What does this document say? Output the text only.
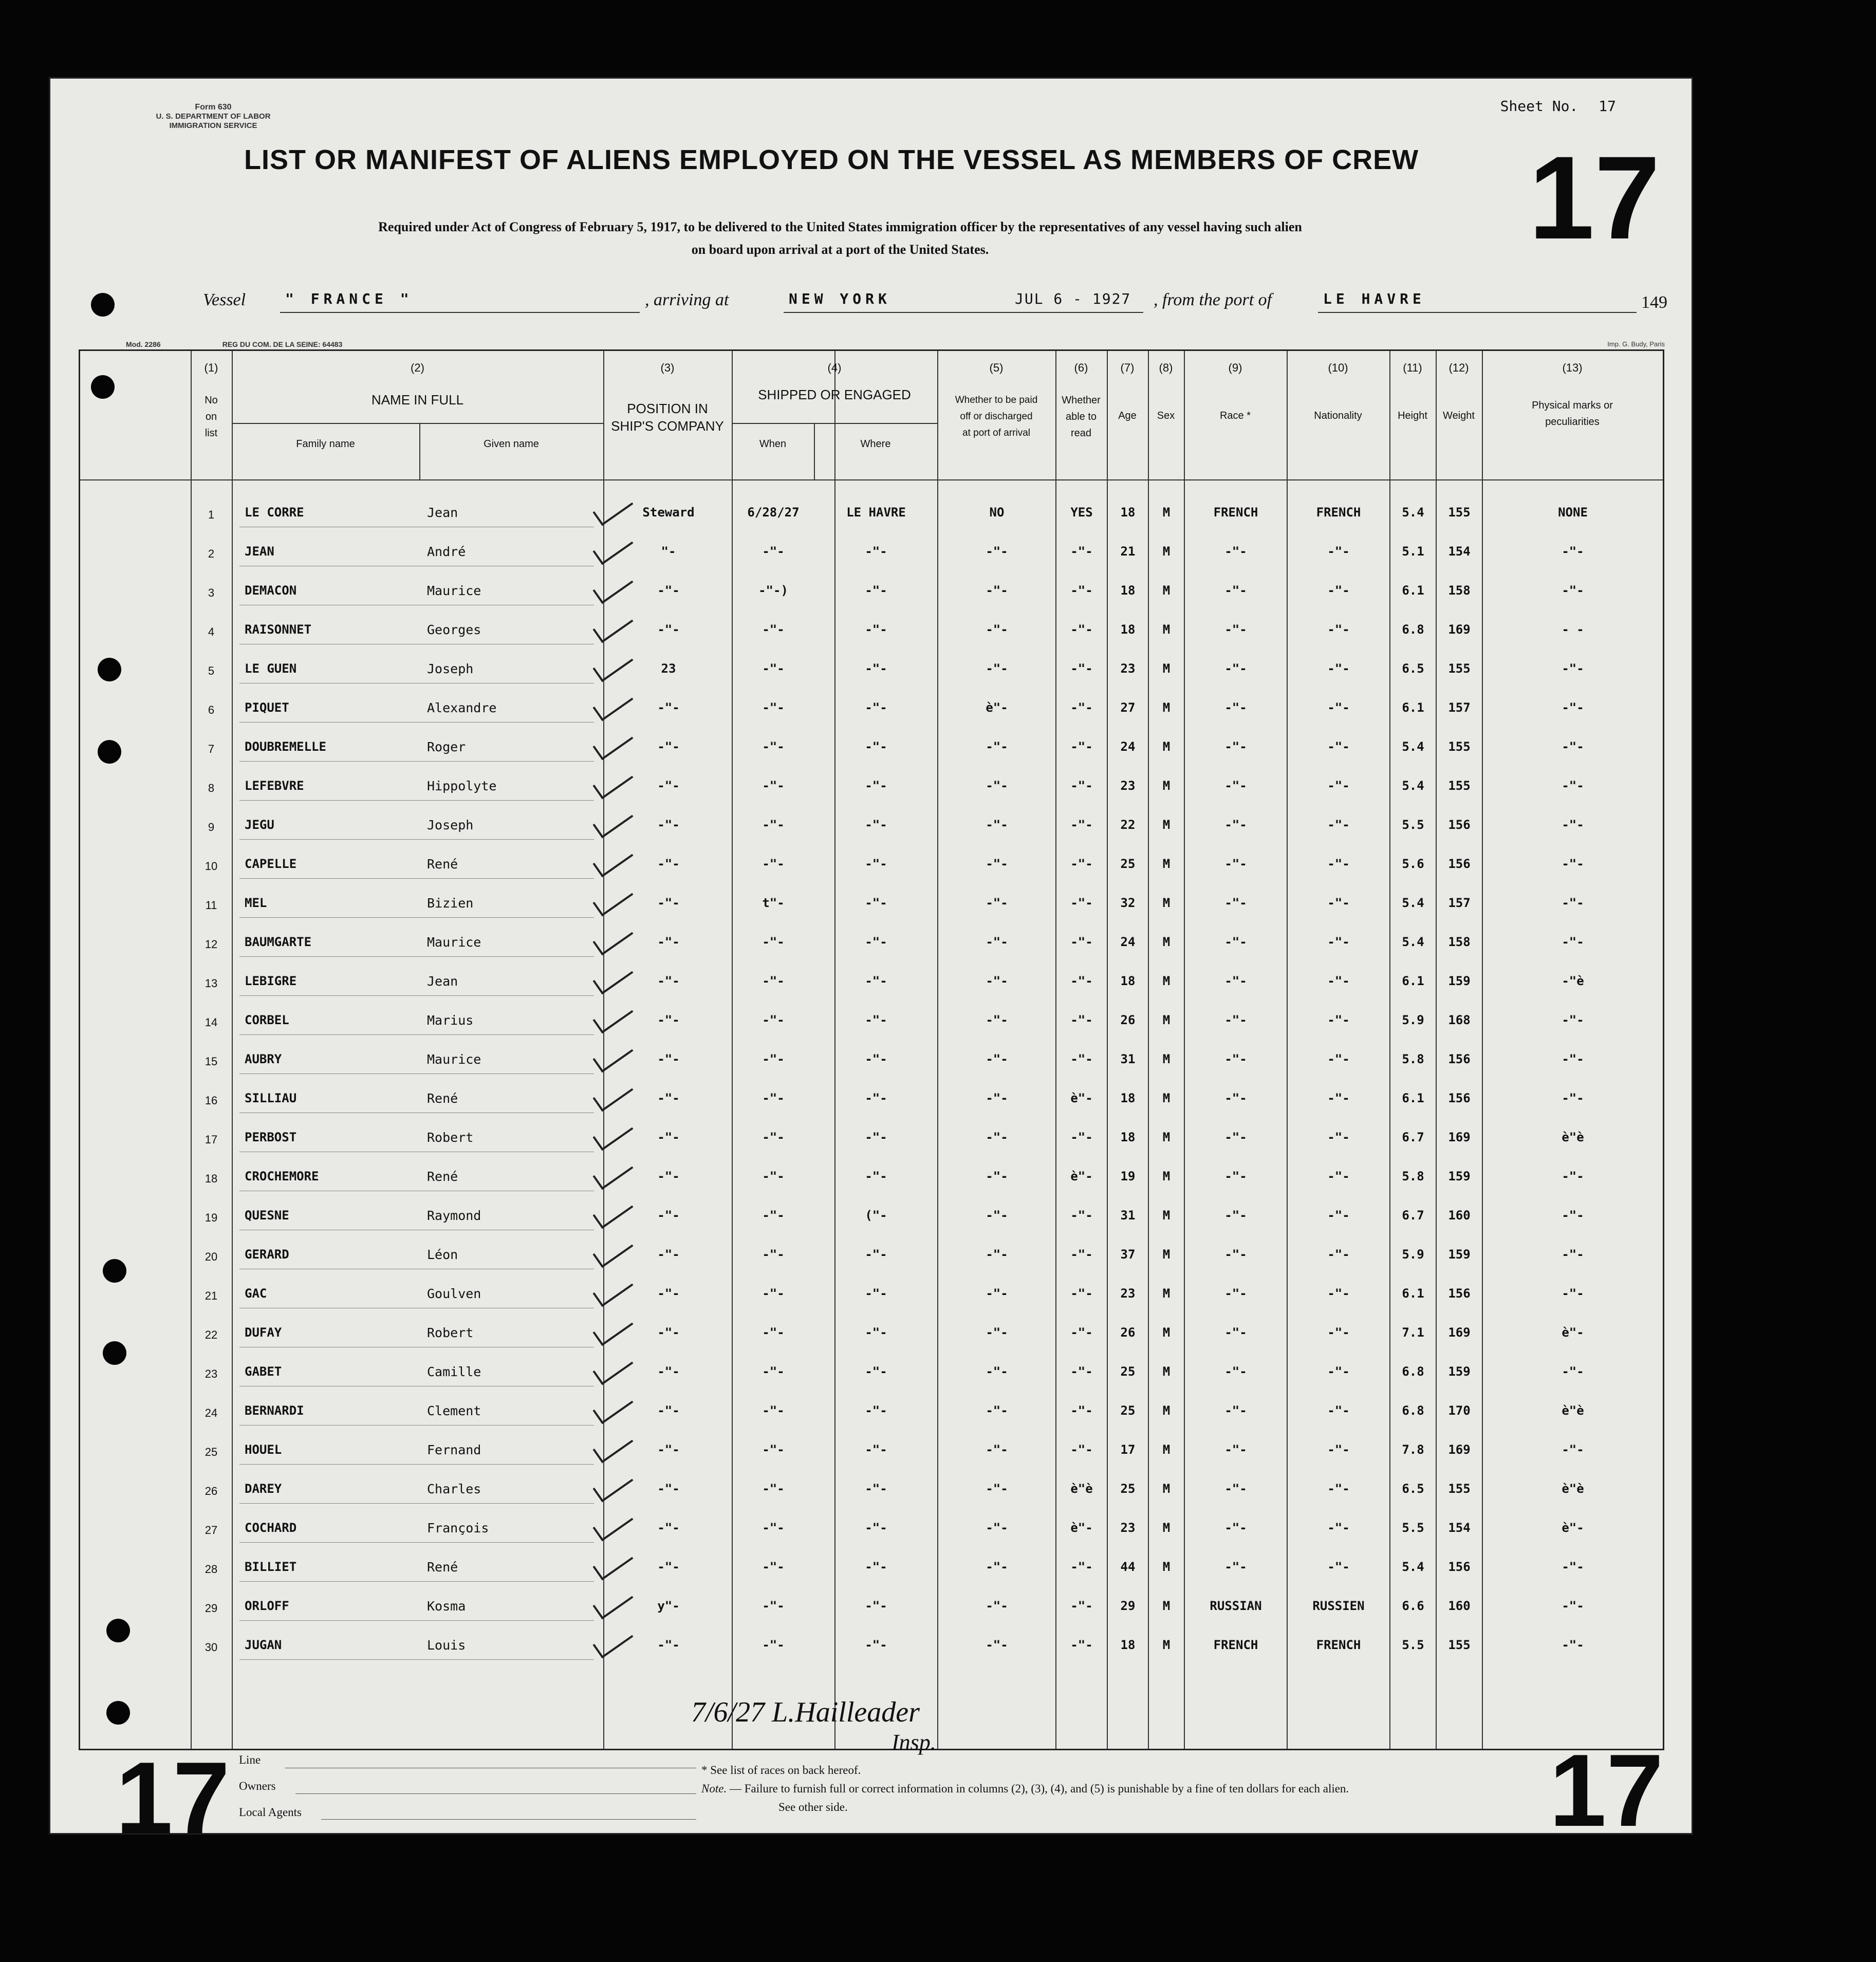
Form 630
U. S. DEPARTMENT OF LABOR
IMMIGRATION SERVICE
Sheet No. 17
LIST OR MANIFEST OF ALIENS EMPLOYED ON THE VESSEL AS MEMBERS OF CREW 17
Required under Act of Congress of February 5, 1917, to be delivered to the United States immigration officer by the representatives of any vessel having such alien
on board upon arrival at a port of the United States.
Vessel	" FRANCE "	, arriving at	NEW YORK	JUL 6 - 1927 , from the port of	LE HAVRE	149
Mod. 2286	REG DU COM. DE LA SEINE: 64483	Imp. G. Budy, Paris
(1)
No
on
list
(2)
NAME IN FULL
Family name	Given name
(3)
POSITION IN
SHIP'S COMPANY
(4)
SHIPPED OR ENGAGED
When	Where
(5)
Whether to be paid
off or discharged
at port of arrival
(6)
Whether
able to
read
(7)
Age
(8)
Sex
(9)
Race *
(10)
Nationality
(11)
Height
(12)
Weight
(13)
Physical marks or
peculiarities
1	LE CORRE	Jean	Steward	6/28/27	LE HAVRE	NO	YES	18	M	FRENCH	FRENCH	5.4	155	NONE
2	JEAN	André	"-	-"-	-"-	-"-	-"-	21	M	-"-	-"-	5.1	154	-"-
3	DEMACON	Maurice	-"-	-"-)	-"-	-"-	-"-	18	M	-"-	-"-	6.1	158	-"-
4	RAISONNET	Georges	-"-	-"-	-"-	-"-	-"-	18	M	-"-	-"-	6.8	169	- -
5	LE GUEN	Joseph	23	-"-	-"-	-"-	-"-	23	M	-"-	-"-	6.5	155	-"-
6	PIQUET	Alexandre	-"-	-"-	-"-	è"-	-"-	27	M	-"-	-"-	6.1	157	-"-
7	DOUBREMELLE	Roger	-"-	-"-	-"-	-"-	-"-	24	M	-"-	-"-	5.4	155	-"-
8	LEFEBVRE	Hippolyte	-"-	-"-	-"-	-"-	-"-	23	M	-"-	-"-	5.4	155	-"-
9	JEGU	Joseph	-"-	-"-	-"-	-"-	-"-	22	M	-"-	-"-	5.5	156	-"-
10	CAPELLE	René	-"-	-"-	-"-	-"-	-"-	25	M	-"-	-"-	5.6	156	-"-
11	MEL	Bizien	-"-	t"-	-"-	-"-	-"-	32	M	-"-	-"-	5.4	157	-"-
12	BAUMGARTE	Maurice	-"-	-"-	-"-	-"-	-"-	24	M	-"-	-"-	5.4	158	-"-
13	LEBIGRE	Jean	-"-	-"-	-"-	-"-	-"-	18	M	-"-	-"-	6.1	159	-"è
14	CORBEL	Marius	-"-	-"-	-"-	-"-	-"-	26	M	-"-	-"-	5.9	168	-"-
15	AUBRY	Maurice	-"-	-"-	-"-	-"-	-"-	31	M	-"-	-"-	5.8	156	-"-
16	SILLIAU	René	-"-	-"-	-"-	-"-	è"-	18	M	-"-	-"-	6.1	156	-"-
17	PERBOST	Robert	-"-	-"-	-"-	-"-	-"-	18	M	-"-	-"-	6.7	169	è"è
18	CROCHEMORE	René	-"-	-"-	-"-	-"-	è"-	19	M	-"-	-"-	5.8	159	-"-
19	QUESNE	Raymond	-"-	-"-	("-	-"-	-"-	31	M	-"-	-"-	6.7	160	-"-
20	GERARD	Léon	-"-	-"-	-"-	-"-	-"-	37	M	-"-	-"-	5.9	159	-"-
21	GAC	Goulven	-"-	-"-	-"-	-"-	-"-	23	M	-"-	-"-	6.1	156	-"-
22	DUFAY	Robert	-"-	-"-	-"-	-"-	-"-	26	M	-"-	-"-	7.1	169	è"-
23	GABET	Camille	-"-	-"-	-"-	-"-	-"-	25	M	-"-	-"-	6.8	159	-"-
24	BERNARDI	Clement	-"-	-"-	-"-	-"-	-"-	25	M	-"-	-"-	6.8	170	è"è
25	HOUEL	Fernand	-"-	-"-	-"-	-"-	-"-	17	M	-"-	-"-	7.8	169	-"-
26	DAREY	Charles	-"-	-"-	-"-	-"-	è"è	25	M	-"-	-"-	6.5	155	è"è
27	COCHARD	François	-"-	-"-	-"-	-"-	è"-	23	M	-"-	-"-	5.5	154	è"-
28	BILLIET	René	-"-	-"-	-"-	-"-	-"-	44	M	-"-	-"-	5.4	156	-"-
29	ORLOFF	Kosma	y"-	-"-	-"-	-"-	-"-	29	M	RUSSIAN	RUSSIEN	6.6	160	-"-
30	JUGAN	Louis	-"-	-"-	-"-	-"-	-"-	18	M	FRENCH	FRENCH	5.5	155	-"-
17	17
Line
Owners
Local Agents
7/6/27 L.Hailleader
Insp.
* See list of races on back hereof.
Note. — Failure to furnish full or correct information in columns (2), (3), (4), and (5) is punishable by a fine of ten dollars for each alien.
See other side.
